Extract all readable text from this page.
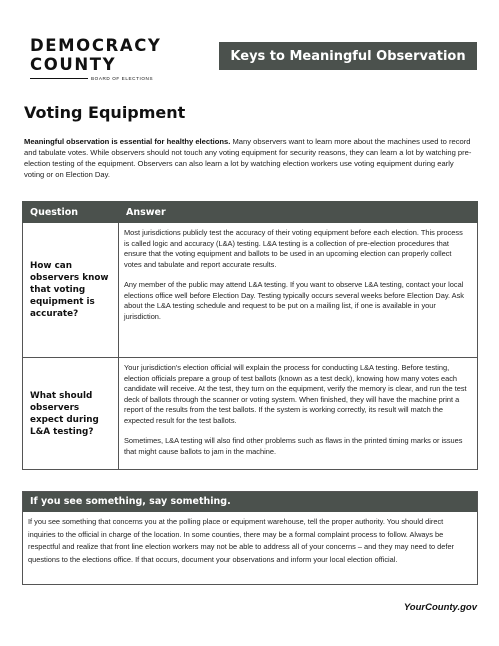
DEMOCRACY
COUNTY
BOARD OF ELECTIONS
Keys to Meaningful Observation
Voting Equipment
Meaningful observation is essential for healthy elections. Many observers want to learn more about the machines used to record and tabulate votes. While observers should not touch any voting equipment for security reasons, they can learn a lot by watching pre-election testing of the equipment. Observers can also learn a lot by watching election workers use voting equipment during early voting or on Election Day.
Question	Answer
How can observers know that voting equipment is accurate?	Most jurisdictions publicly test the accuracy of their voting equipment before each election. This process is called logic and accuracy (L&A) testing. L&A testing is a collection of pre-election procedures that ensure that the voting equipment and ballots to be used in an upcoming election can properly collect votes and tabulate and report accurate results.

Any member of the public may attend L&A testing. If you want to observe L&A testing, contact your local elections office well before Election Day. Testing typically occurs several weeks before Election Day. Ask about the L&A testing schedule and request to be put on a mailing list, if one is available in your jurisdiction.

What should observers expect during L&A testing?	Your jurisdiction's election official will explain the process for conducting L&A testing. Before testing, election officials prepare a group of test ballots (known as a test deck), knowing how many votes each candidate will receive. At the test, they turn on the equipment, verify the memory is clear, and run the test deck of ballots through the scanner or voting system. When finished, they will have the machine print a report of the results from the test ballots. If the system is working correctly, its result will match the expected result for the test ballots.

Sometimes, L&A testing will also find other problems such as flaws in the printed timing marks or issues that might cause ballots to jam in the machine.

If you see something, say something.
If you see something that concerns you at the polling place or equipment warehouse, tell the proper authority. You should direct inquiries to the official in charge of the location. In some counties, there may be a formal complaint process to follow. Always be respectful and realize that front line election workers may not be able to address all of your concerns – and they may need to defer questions to the elections office. If that occurs, document your observations and inform your local election official.
YourCounty.gov
